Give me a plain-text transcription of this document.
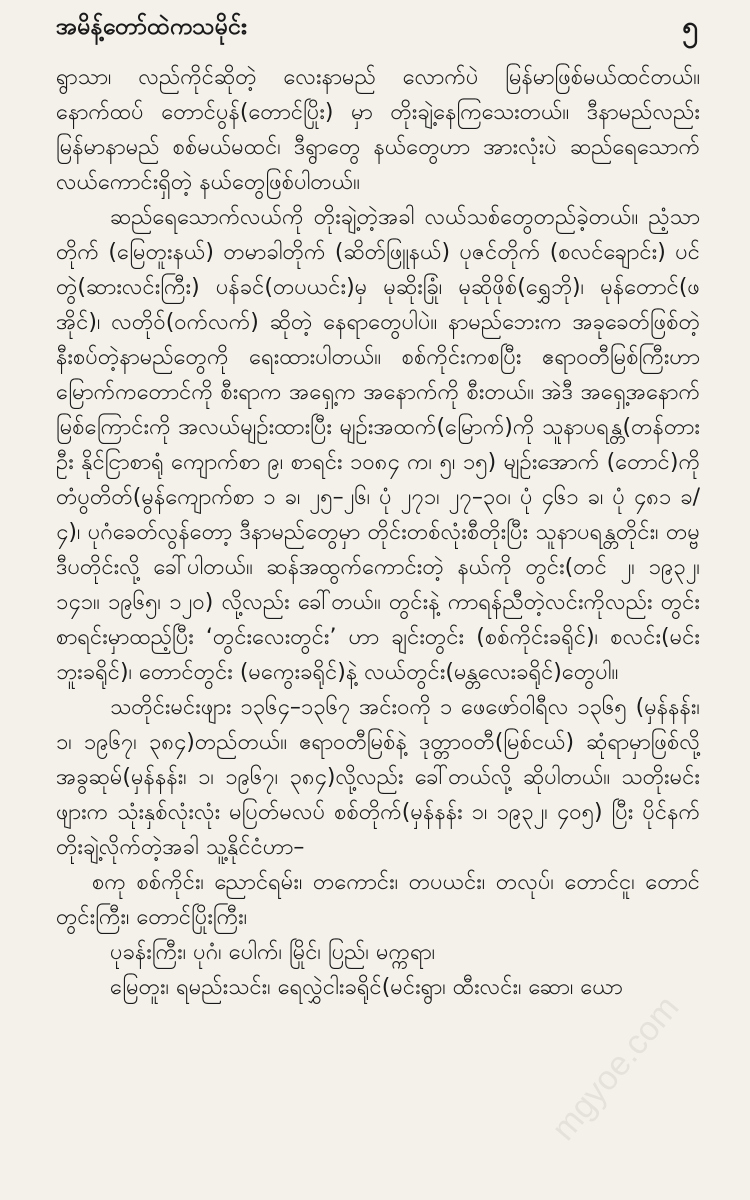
အမိန့်တော်ထဲကသမိုင်း	၅

ရွာသာ၊ လည်ကိုင်ဆိုတဲ့ လေးနာမည် လောက်ပဲ မြန်မာဖြစ်မယ်ထင်တယ်။ နောက်ထပ် တောင်ပွန်(တောင်ပြိုး) မှာ တိုးချဲ့နေကြသေးတယ်။ ဒီနာမည်လည်း မြန်မာနာမည် စစ်မယ်မထင်၊ ဒီရွာတွေ နယ်တွေဟာ အားလုံးပဲ ဆည်ရေသောက် လယ်ကောင်းရှိတဲ့ နယ်တွေဖြစ်ပါတယ်။

ဆည်ရေသောက်လယ်ကို တိုးချဲ့တဲ့အခါ လယ်သစ်တွေတည်ခဲ့တယ်။ ညံ့သာတိုက် (မြေတူးနယ်) တမာခါတိုက် (ဆိတ်ဖြူနယ်) ပုဇင်တိုက် (စလင်ချောင်း) ပင်တွဲ(ဆားလင်းကြီး) ပန်ခင်(တပယင်း)မှ မုဆိုးခြုံ၊ မုဆိုဖိုစ်(ရွှေဘို)၊ မုန်တောင်(ဖအိုင်)၊ လတိုဝ်(ဝက်လက်) ဆိုတဲ့ နေရာတွေပါပဲ။ နာမည်ဘေးက အခုခေတ်ဖြစ်တဲ့ နီးစပ်တဲ့နာမည်တွေကို ရေးထားပါတယ်။ စစ်ကိုင်းကစပြီး ဧရာဝတီမြစ်ကြီးဟာ မြောက်ကတောင်ကို စီးရာက အရှေ့က အနောက်ကို စီးတယ်။ အဲဒီ အရှေ့အနောက်မြစ်ကြောင်းကို အလယ်မျဉ်းထားပြီး မျဉ်းအထက်(မြောက်)ကို သူနာပရန္တ(တန်တားဦး နိုင်ငြာစာရုံ ကျောက်စာ ၉၊ စာရင်း ၁၀၈၄ က၊ ၅၊ ၁၅) မျဉ်းအောက် (တောင်)ကို တံပွတိတ်(မွန်ကျောက်စာ ၁ ခ၊ ၂၅–၂၆၊ ပုံ ၂၇၁၊ ၂၇–၃၀၊ ပုံ ၄၆၁ ခ၊ ပုံ ၄၈၁ ခ/၄)၊ ပုဂံခေတ်လွန်တော့ ဒီနာမည်တွေမှာ တိုင်းတစ်လုံးစီတိုးပြီး သူနာပရန္တတိုင်း၊ တမ္ဗဒီပတိုင်းလို့ ခေါ်ပါတယ်။ ဆန်အထွက်ကောင်းတဲ့ နယ်ကို တွင်း(တင် ၂၊ ၁၉၃၂၊ ၁၄၁။ ၁၉၆၅၊ ၁၂၀) လို့လည်း ခေါ်တယ်။ တွင်းနဲ့ ကာရန်ညီတဲ့လင်းကိုလည်း တွင်းစာရင်းမှာထည့်ပြီး ‘တွင်းလေးတွင်း’ ဟာ ချင်းတွင်း (စစ်ကိုင်းခရိုင်)၊ စလင်း(မင်းဘူးခရိုင်)၊ တောင်တွင်း (မကွေးခရိုင်)နဲ့ လယ်တွင်း(မန္တလေးခရိုင်)တွေပါ။

သတိုင်းမင်းဖျား ၁၃၆၄–၁၃၆၇ အင်းဝကို ၁ ဖေဖော်ဝါရီလ ၁၃၆၅ (မှန်နန်း၊ ၁၊ ၁၉၆၇၊ ၃၈၄)တည်တယ်။ ဧရာဝတီမြစ်နဲ့ ဒုတ္တာဝတီ(မြစ်ငယ်) ဆုံရာမှာဖြစ်လို့ အခွဆုမ်(မှန်နန်း၊ ၁၊ ၁၉၆၇၊ ၃၈၄)လို့လည်း ခေါ်တယ်လို့ ဆိုပါတယ်။ သတိုးမင်းဖျားက သုံးနှစ်လုံးလုံး မပြတ်မလပ် စစ်တိုက်(မှန်နန်း ၁၊ ၁၉၃၂၊ ၄၀၅) ပြီး ပိုင်နက်တိုးချဲ့လိုက်တဲ့အခါ သူ့နိုင်ငံဟာ–

စကု စစ်ကိုင်း၊ ညောင်ရမ်း၊ တကောင်း၊ တပယင်း၊ တလုပ်၊ တောင်ငူ၊ တောင်တွင်းကြီး၊ တောင်ပြိုးကြီး၊

ပုခန်းကြီး၊ ပုဂံ၊ ပေါက်၊ မြိုင်၊ ပြည်၊ မက္ကရာ၊

မြေတူး၊ ရမည်းသင်း၊ ရေလွှဲငါးခရိုင်(မင်းရွာ၊ ထီးလင်း၊ ဆော၊ ယော

mgyoe.com
